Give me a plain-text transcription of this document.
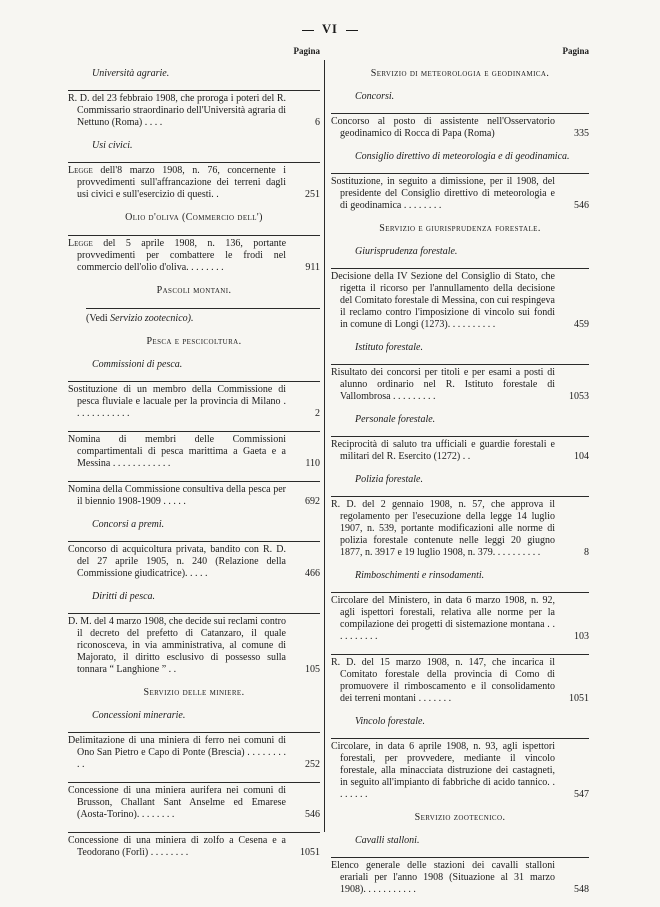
VI
Pagina
Università agrarie.
R. D. del 23 febbraio 1908, che proroga i poteri del R. Commissario straordinario dell'Università agraria di Nettuno (Roma) . . . .	6
Usi civici.
Legge dell'8 marzo 1908, n. 76, concernente i provvedimenti sull'affrancazione dei terreni dagli usi civici e sull'esercizio di questi. .	251
Olio d'oliva (Commercio dell')
Legge del 5 aprile 1908, n. 136, portante provvedimenti per combattere le frodi nel commercio dell'olio d'oliva. . . . . . . .	911
Pascoli montani.
(Vedi Servizio zootecnico).
Pesca e pescicoltura.
Commissioni di pesca.
Sostituzione di un membro della Commissione di pesca fluviale e lacuale per la provincia di Milano . . . . . . . . . . . .	2
Nomina di membri delle Commissioni compartimentali di pesca marittima a Gaeta e a Messina . . . . . . . . . . . .	110
Nomina della Commissione consultiva della pesca per il biennio 1908-1909 . . . . .	692
Concorsi a premi.
Concorso di acquicoltura privata, bandito con R. D. del 27 aprile 1905, n. 240 (Relazione della Commissione giudicatrice). . . . .	466
Diritti di pesca.
D. M. del 4 marzo 1908, che decide sui reclami contro il decreto del prefetto di Catanzaro, il quale riconosceva, in via amministrativa, al comune di Majorato, il diritto esclusivo di possesso sulla tonnara “ Langhione ” . .	105
Servizio delle miniere.
Concessioni minerarie.
Delimitazione di una miniera di ferro nei comuni di Ono San Pietro e Capo di Ponte (Brescia) . . . . . . . . . .	252
Concessione di una miniera aurifera nei comuni di Brusson, Challant Sant Anselme ed Emarese (Aosta-Torino). . . . . . . .	546
Concessione di una miniera di zolfo a Cesena e a Teodorano (Forlì) . . . . . . . .	1051
Pagina
Servizio di meteorologia e geodinamica.
Concorsi.
Concorso al posto di assistente nell'Osservatorio geodinamico di Rocca di Papa (Roma)	335
Consiglio direttivo di meteorologia e di geodinamica.
Sostituzione, in seguito a dimissione, per il 1908, del presidente del Consiglio direttivo di meteorologia e di geodinamica . . . . . . . .	546
Servizio e giurisprudenza forestale.
Giurisprudenza forestale.
Decisione della IV Sezione del Consiglio di Stato, che rigetta il ricorso per l'annullamento della decisione del Comitato forestale di Messina, con cui respingeva il reclamo contro l'imposizione di vincolo sui fondi in comune di Longi (1273). . . . . . . . . .	459
Istituto forestale.
Risultato dei concorsi per titoli e per esami a posti di alunno ordinario nel R. Istituto forestale di Vallombrosa . . . . . . . . .	1053
Personale forestale.
Reciprocità di saluto tra ufficiali e guardie forestali e militari del R. Esercito (1272) . .	104
Polizia forestale.
R. D. del 2 gennaio 1908, n. 57, che approva il regolamento per l'esecuzione della legge 14 luglio 1907, n. 539, portante modificazioni alle norme di polizia forestale contenute nelle leggi 20 giugno 1877, n. 3917 e 19 luglio 1908, n. 379. . . . . . . . . .	8
Rimboschimenti e rinsodamenti.
Circolare del Ministero, in data 6 marzo 1908, n. 92, agli ispettori forestali, relativa alle norme per la compilazione dei progetti di sistemazione montana . . . . . . . . . .	103
R. D. del 15 marzo 1908, n. 147, che incarica il Comitato forestale della provincia di Como di promuovere il rimboscamento e il consolidamento dei terreni montani . . . . . . .	1051
Vincolo forestale.
Circolare, in data 6 aprile 1908, n. 93, agli ispettori forestali, per provvedere, mediante il vincolo forestale, alla minacciata distruzione dei castagneti, in seguito all'impianto di fabbriche di acido tannico. . . . . . . .	547
Servizio zootecnico.
Cavalli stalloni.
Elenco generale delle stazioni dei cavalli stalloni erariali per l'anno 1908 (Situazione al 31 marzo 1908). . . . . . . . . . .	548
